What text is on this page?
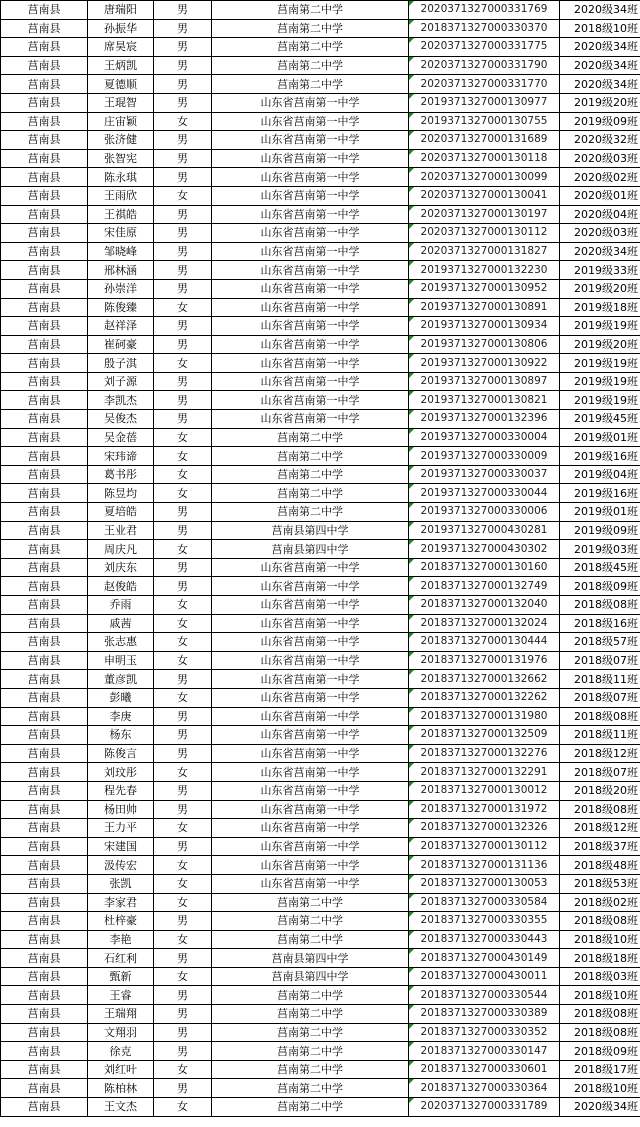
莒南县	唐瑞阳	男	莒南第二中学	2020371327000331769	2020级34班
莒南县	孙振华	男	莒南第二中学	2018371327000330370	2018级10班
莒南县	席昊宸	男	莒南第二中学	2020371327000331775	2020级34班
莒南县	王炳凯	男	莒南第二中学	2020371327000331790	2020级34班
莒南县	夏德顺	男	莒南第二中学	2020371327000331770	2020级34班
莒南县	王琨智	男	山东省莒南第一中学	2019371327000130977	2019级20班
莒南县	庄宙颖	女	山东省莒南第一中学	2019371327000130755	2019级09班
莒南县	张济健	男	山东省莒南第一中学	2020371327000131689	2020级32班
莒南县	张智宪	男	山东省莒南第一中学	2020371327000130118	2020级03班
莒南县	陈永琪	男	山东省莒南第一中学	2020371327000130099	2020级02班
莒南县	王雨欣	女	山东省莒南第一中学	2020371327000130041	2020级01班
莒南县	王祺皓	男	山东省莒南第一中学	2020371327000130197	2020级04班
莒南县	宋佳原	男	山东省莒南第一中学	2020371327000130112	2020级03班
莒南县	邹晓峰	男	山东省莒南第一中学	2020371327000131827	2020级34班
莒南县	邢林涵	男	山东省莒南第一中学	2019371327000132230	2019级33班
莒南县	孙崇洋	男	山东省莒南第一中学	2019371327000130952	2019级20班
莒南县	陈俊臻	女	山东省莒南第一中学	2019371327000130891	2019级18班
莒南县	赵祥泽	男	山东省莒南第一中学	2019371327000130934	2019级19班
莒南县	崔砢豪	男	山东省莒南第一中学	2019371327000130806	2019级20班
莒南县	殷子淇	女	山东省莒南第一中学	2019371327000130922	2019级19班
莒南县	刘子源	男	山东省莒南第一中学	2019371327000130897	2019级19班
莒南县	李凯杰	男	山东省莒南第一中学	2019371327000130821	2019级19班
莒南县	吴俊杰	男	山东省莒南第一中学	2019371327000132396	2019级45班
莒南县	吴金蓓	女	莒南第二中学	2019371327000330004	2019级01班
莒南县	宋玮谛	女	莒南第二中学	2019371327000330009	2019级16班
莒南县	葛书彤	女	莒南第二中学	2019371327000330037	2019级04班
莒南县	陈昱均	女	莒南第二中学	2019371327000330044	2019级16班
莒南县	夏培皓	男	莒南第二中学	2019371327000330006	2019级01班
莒南县	王业君	男	莒南县第四中学	2019371327000430281	2019级09班
莒南县	周庆凡	女	莒南县第四中学	2019371327000430302	2019级03班
莒南县	刘庆东	男	山东省莒南第一中学	2018371327000130160	2018级45班
莒南县	赵俊皓	男	山东省莒南第一中学	2018371327000132749	2018级09班
莒南县	乔雨	女	山东省莒南第一中学	2018371327000132040	2018级08班
莒南县	戚茜	女	山东省莒南第一中学	2018371327000132024	2018级16班
莒南县	张志惠	女	山东省莒南第一中学	2018371327000130444	2018级57班
莒南县	申明玉	女	山东省莒南第一中学	2018371327000131976	2018级07班
莒南县	董彦凯	男	山东省莒南第一中学	2018371327000132662	2018级11班
莒南县	彭曦	女	山东省莒南第一中学	2018371327000132262	2018级07班
莒南县	李庚	男	山东省莒南第一中学	2018371327000131980	2018级08班
莒南县	杨东	男	山东省莒南第一中学	2018371327000132509	2018级11班
莒南县	陈俊言	男	山东省莒南第一中学	2018371327000132276	2018级12班
莒南县	刘玟彤	女	山东省莒南第一中学	2018371327000132291	2018级07班
莒南县	程先春	男	山东省莒南第一中学	2018371327000130012	2018级20班
莒南县	杨田帅	男	山东省莒南第一中学	2018371327000131972	2018级08班
莒南县	王力平	女	山东省莒南第一中学	2018371327000132326	2018级12班
莒南县	宋建国	男	山东省莒南第一中学	2018371327000130112	2018级37班
莒南县	汲传宏	女	山东省莒南第一中学	2018371327000131136	2018级48班
莒南县	张凯	女	山东省莒南第一中学	2018371327000130053	2018级53班
莒南县	李家君	女	莒南第二中学	2018371327000330584	2018级02班
莒南县	杜梓豪	男	莒南第二中学	2018371327000330355	2018级08班
莒南县	李艳	女	莒南第二中学	2018371327000330443	2018级10班
莒南县	石红利	男	莒南县第四中学	2018371327000430149	2018级18班
莒南县	甄新	女	莒南县第四中学	2018371327000430011	2018级03班
莒南县	王睿	男	莒南第二中学	2018371327000330544	2018级10班
莒南县	王瑞翔	男	莒南第二中学	2018371327000330389	2018级08班
莒南县	文翔羽	男	莒南第二中学	2018371327000330352	2018级08班
莒南县	徐克	男	莒南第二中学	2018371327000330147	2018级09班
莒南县	刘红叶	女	莒南第二中学	2018371327000330601	2018级17班
莒南县	陈柏林	男	莒南第二中学	2018371327000330364	2018级10班
莒南县	王文杰	女	莒南第二中学	2020371327000331789	2020级34班
